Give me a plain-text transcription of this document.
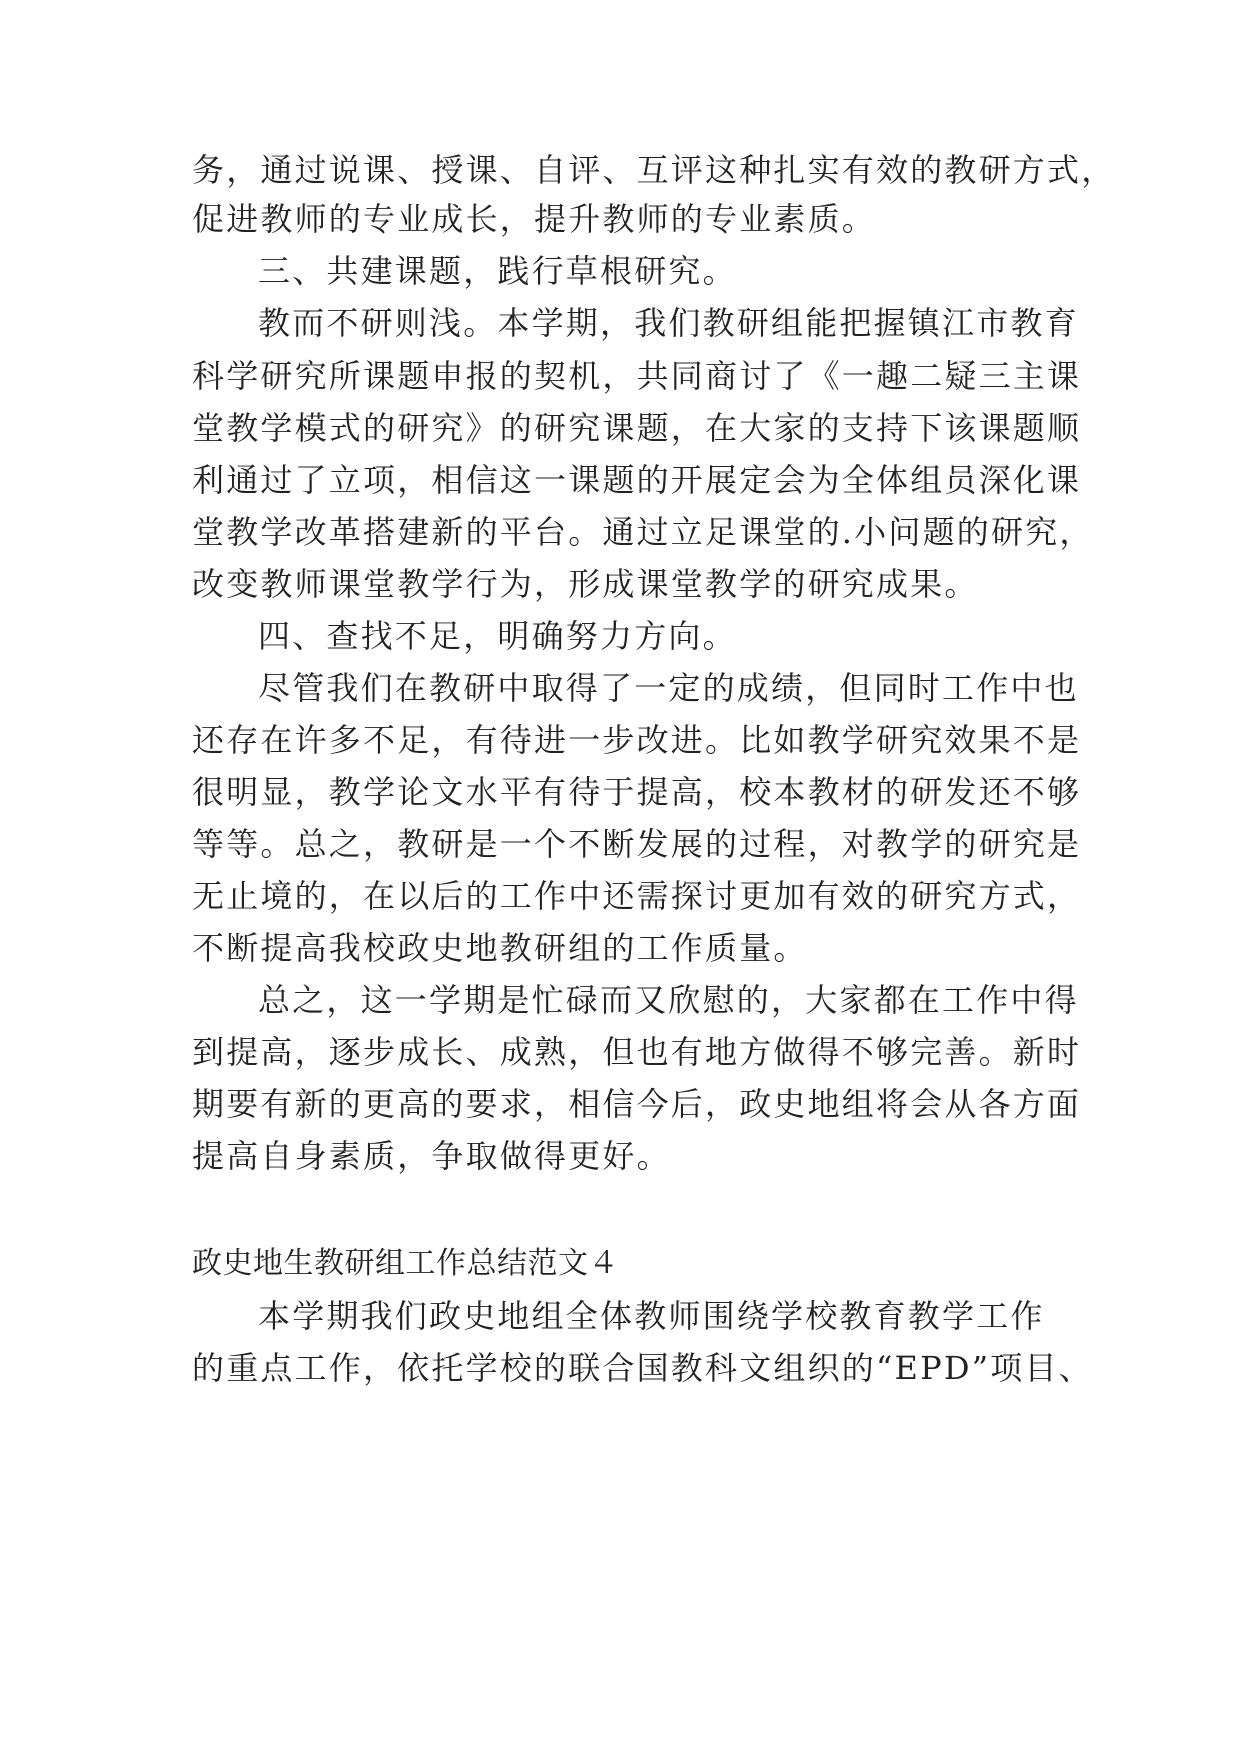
务，通过说课、授课、自评、互评这种扎实有效的教研方式，
促进教师的专业成长，提升教师的专业素质。
三、共建课题，践行草根研究。
教而不研则浅。本学期，我们教研组能把握镇江市教育
科学研究所课题申报的契机，共同商讨了《一趣二疑三主课
堂教学模式的研究》的研究课题，在大家的支持下该课题顺
利通过了立项，相信这一课题的开展定会为全体组员深化课
堂教学改革搭建新的平台。通过立足课堂的.小问题的研究，
改变教师课堂教学行为，形成课堂教学的研究成果。
四、查找不足，明确努力方向。
尽管我们在教研中取得了一定的成绩，但同时工作中也
还存在许多不足，有待进一步改进。比如教学研究效果不是
很明显，教学论文水平有待于提高，校本教材的研发还不够
等等。总之，教研是一个不断发展的过程，对教学的研究是
无止境的，在以后的工作中还需探讨更加有效的研究方式，
不断提高我校政史地教研组的工作质量。
总之，这一学期是忙碌而又欣慰的，大家都在工作中得
到提高，逐步成长、成熟，但也有地方做得不够完善。新时
期要有新的更高的要求，相信今后，政史地组将会从各方面
提高自身素质，争取做得更好。
政史地生教研组工作总结范文４
本学期我们政史地组全体教师围绕学校教育教学工作
的重点工作，依托学校的联合国教科文组织的“EPD”项目、
